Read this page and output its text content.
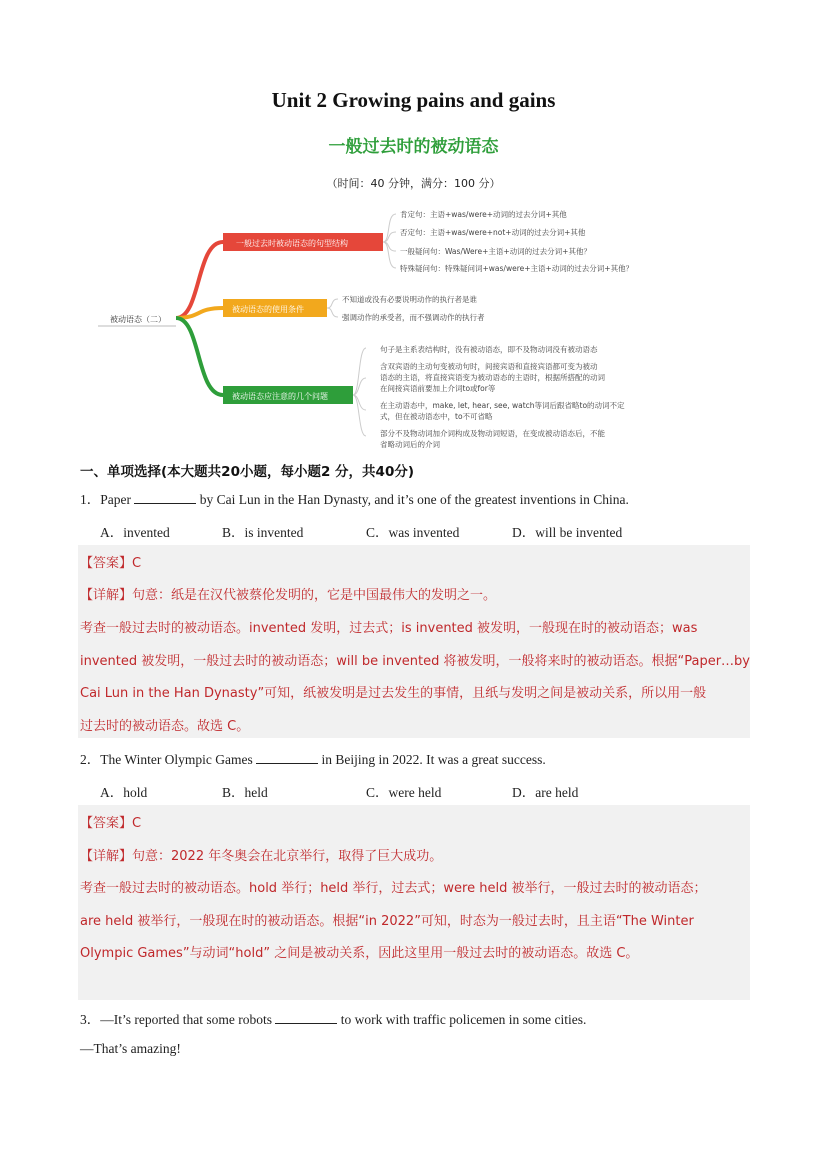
Unit 2 Growing pains and gains
一般过去时的被动语态
（时间：40 分钟，满分：100 分）
被动语态（二）
一般过去时被动语态的句型结构
被动语态的使用条件
被动语态应注意的几个问题
肯定句：主语+was/were+动词的过去分词+其他
否定句：主语+was/were+not+动词的过去分词+其他
一般疑问句：Was/Were+主语+动词的过去分词+其他？
特殊疑问句：特殊疑问词+was/were+主语+动词的过去分词+其他？
不知道或没有必要说明动作的执行者是谁
强调动作的承受者，而不强调动作的执行者
句子是主系表结构时，没有被动语态，即不及物动词没有被动语态
含双宾语的主动句变被动句时，间接宾语和直接宾语都可变为被动
语态的主语，将直接宾语变为被动语态的主语时，根据所搭配的动词
在间接宾语前要加上介词to或for等
在主动语态中，make, let, hear, see, watch等词后跟省略to的动词不定
式，但在被动语态中，to不可省略
部分不及物动词加介词构成及物动词短语，在变成被动语态后，不能
省略动词后的介词
一、单项选择(本大题共20小题，每小题2 分，共40分)
1．Paper	by Cai Lun in the Han Dynasty, and it’s one of the greatest inventions in China.
A．invented	B．is invented	C．was invented	D．will be invented
【答案】C
【详解】句意：纸是在汉代被蔡伦发明的，它是中国最伟大的发明之一。
考查一般过去时的被动语态。invented 发明，过去式；is invented 被发明，一般现在时的被动语态；was
invented 被发明，一般过去时的被动语态；will be invented 将被发明，一般将来时的被动语态。根据“Paper…by
Cai Lun in the Han Dynasty”可知，纸被发明是过去发生的事情，且纸与发明之间是被动关系，所以用一般
过去时的被动语态。故选 C。
2．The Winter Olympic Games	in Beijing in 2022. It was a great success.
A．hold	B．held	C．were held	D．are held
【答案】C
【详解】句意：2022 年冬奥会在北京举行，取得了巨大成功。
考查一般过去时的被动语态。hold 举行；held 举行，过去式；were held 被举行，一般过去时的被动语态；
are held 被举行，一般现在时的被动语态。根据“in 2022”可知，时态为一般过去时，且主语“The Winter
Olympic Games”与动词“hold” 之间是被动关系，因此这里用一般过去时的被动语态。故选 C。
3．—It’s reported that some robots	to work with traffic policemen in some cities.
—That’s amazing!
